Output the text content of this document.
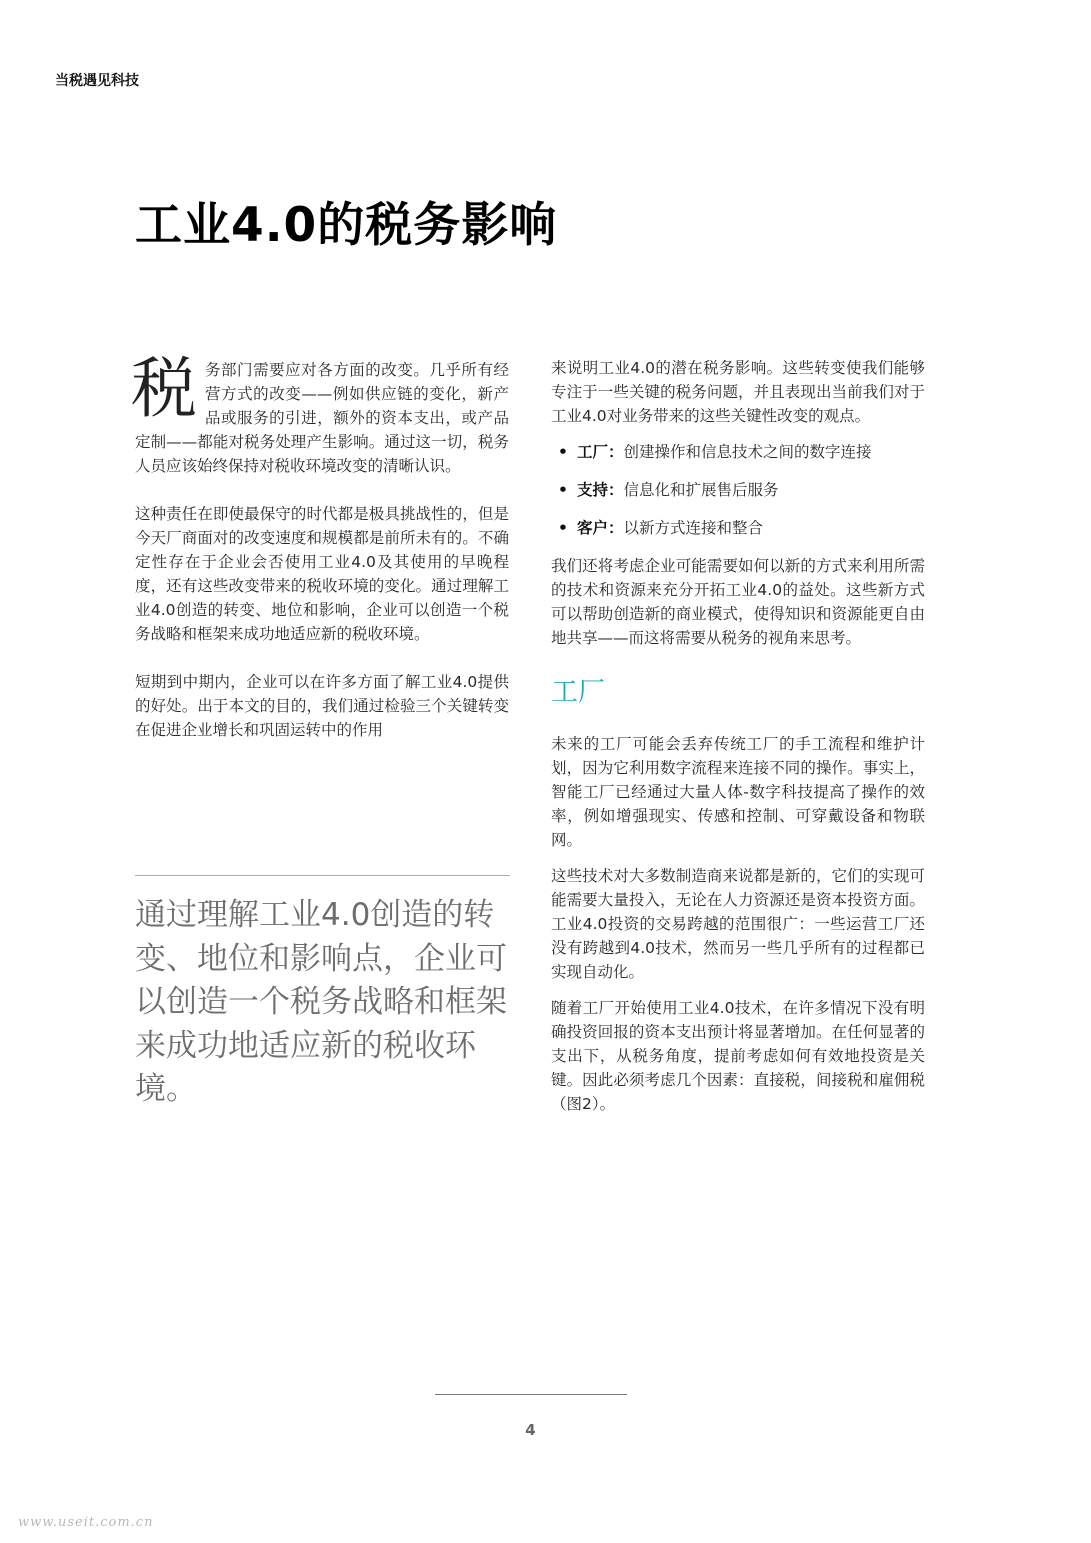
当税遇见科技
工业4.0的税务影响

税务部门需要应对各方面的改变。几乎所有经营方式的改变——例如供应链的变化，新产品或服务的引进，额外的资本支出，或产品定制——都能对税务处理产生影响。通过这一切，税务人员应该始终保持对税收环境改变的清晰认识。

这种责任在即使最保守的时代都是极具挑战性的，但是今天厂商面对的改变速度和规模都是前所未有的。不确定性存在于企业会否使用工业4.0及其使用的早晚程度，还有这些改变带来的税收环境的变化。通过理解工业4.0创造的转变、地位和影响，企业可以创造一个税务战略和框架来成功地适应新的税收环境。

短期到中期内，企业可以在许多方面了解工业4.0提供的好处。出于本文的目的，我们通过检验三个关键转变在促进企业增长和巩固运转中的作用

通过理解工业4.0创造的转变、地位和影响点，企业可以创造一个税务战略和框架来成功地适应新的税收环境。

来说明工业4.0的潜在税务影响。这些转变使我们能够专注于一些关键的税务问题，并且表现出当前我们对于工业4.0对业务带来的这些关键性改变的观点。

• 工厂：创建操作和信息技术之间的数字连接
• 支持：信息化和扩展售后服务
• 客户：以新方式连接和整合

我们还将考虑企业可能需要如何以新的方式来利用所需的技术和资源来充分开拓工业4.0的益处。这些新方式可以帮助创造新的商业模式，使得知识和资源能更自由地共享——而这将需要从税务的视角来思考。

工厂

未来的工厂可能会丢弃传统工厂的手工流程和维护计划，因为它利用数字流程来连接不同的操作。事实上，智能工厂已经通过大量人体-数字科技提高了操作的效率，例如增强现实、传感和控制、可穿戴设备和物联网。

这些技术对大多数制造商来说都是新的，它们的实现可能需要大量投入，无论在人力资源还是资本投资方面。工业4.0投资的交易跨越的范围很广：一些运营工厂还没有跨越到4.0技术，然而另一些几乎所有的过程都已实现自动化。

随着工厂开始使用工业4.0技术，在许多情况下没有明确投资回报的资本支出预计将显著增加。在任何显著的支出下，从税务角度，提前考虑如何有效地投资是关键。因此必须考虑几个因素：直接税，间接税和雇佣税（图2）。

4
www.useit.com.cn
